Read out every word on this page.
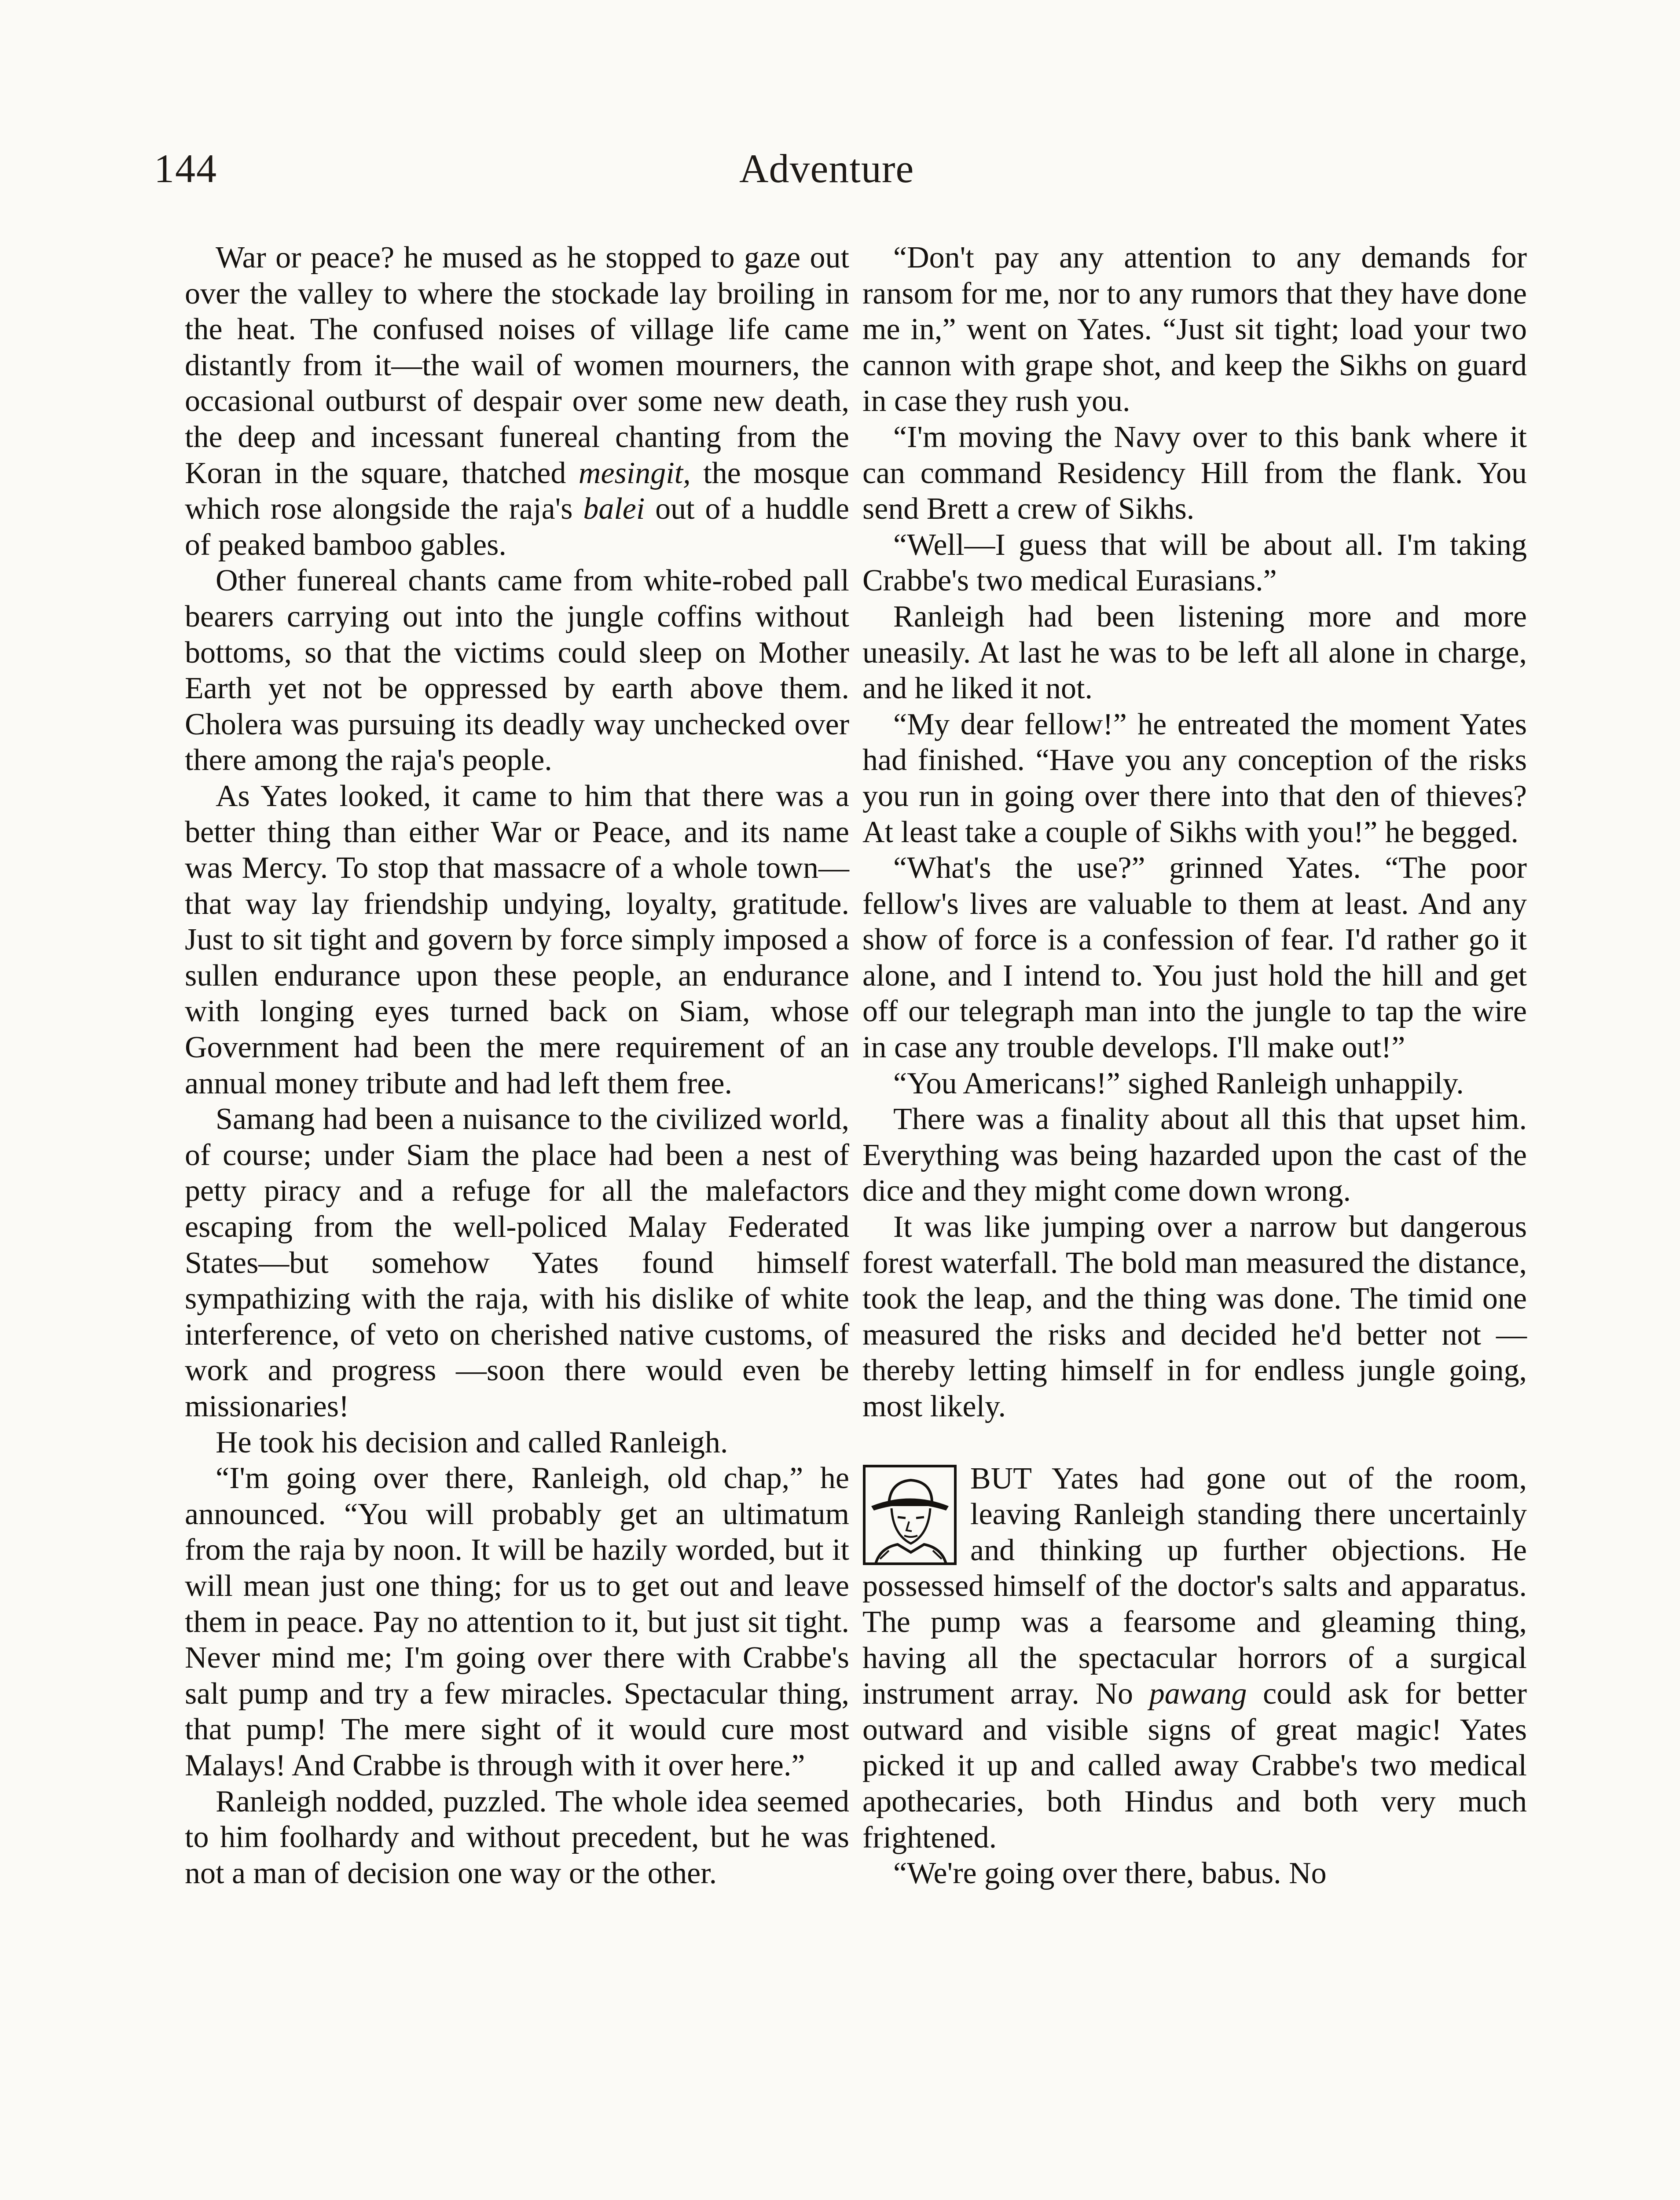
144	Adventure

War or peace? he mused as he stopped to gaze out over the valley to where the stockade lay broiling in the heat. The confused noises of village life came distantly from it—the wail of women mourners, the occasional outburst of despair over some new death, the deep and incessant funereal chanting from the Koran in the square, thatched mesingit, the mosque which rose alongside the raja's balei out of a huddle of peaked bamboo gables.

Other funereal chants came from white-robed pall bearers carrying out into the jungle coffins without bottoms, so that the victims could sleep on Mother Earth yet not be oppressed by earth above them. Cholera was pursuing its deadly way unchecked over there among the raja's people.

As Yates looked, it came to him that there was a better thing than either War or Peace, and its name was Mercy. To stop that massacre of a whole town—that way lay friendship undying, loyalty, gratitude. Just to sit tight and govern by force simply imposed a sullen endurance upon these people, an endurance with longing eyes turned back on Siam, whose Government had been the mere requirement of an annual money tribute and had left them free.

Samang had been a nuisance to the civilized world, of course; under Siam the place had been a nest of petty piracy and a refuge for all the malefactors escaping from the well-policed Malay Federated States—but somehow Yates found himself sympathizing with the raja, with his dislike of white interference, of veto on cherished native customs, of work and progress —soon there would even be missionaries!

He took his decision and called Ranleigh.

“I'm going over there, Ranleigh, old chap,” he announced. “You will probably get an ultimatum from the raja by noon. It will be hazily worded, but it will mean just one thing; for us to get out and leave them in peace. Pay no attention to it, but just sit tight. Never mind me; I'm going over there with Crabbe's salt pump and try a few miracles. Spectacular thing, that pump! The mere sight of it would cure most Malays! And Crabbe is through with it over here.”

Ranleigh nodded, puzzled. The whole idea seemed to him foolhardy and without precedent, but he was not a man of decision one way or the other.

“Don't pay any attention to any demands for ransom for me, nor to any rumors that they have done me in,” went on Yates. “Just sit tight; load your two cannon with grape shot, and keep the Sikhs on guard in case they rush you.

“I'm moving the Navy over to this bank where it can command Residency Hill from the flank. You send Brett a crew of Sikhs.

“Well—I guess that will be about all. I'm taking Crabbe's two medical Eurasians.”

Ranleigh had been listening more and more uneasily. At last he was to be left all alone in charge, and he liked it not.

“My dear fellow!” he entreated the moment Yates had finished. “Have you any conception of the risks you run in going over there into that den of thieves? At least take a couple of Sikhs with you!” he begged.

“What's the use?” grinned Yates. “The poor fellow's lives are valuable to them at least. And any show of force is a confession of fear. I'd rather go it alone, and I intend to. You just hold the hill and get off our telegraph man into the jungle to tap the wire in case any trouble develops. I'll make out!”

“You Americans!” sighed Ranleigh unhappily.

There was a finality about all this that upset him. Everything was being hazarded upon the cast of the dice and they might come down wrong.

It was like jumping over a narrow but dangerous forest waterfall. The bold man measured the distance, took the leap, and the thing was done. The timid one measured the risks and decided he'd better not —thereby letting himself in for endless jungle going, most likely.

BUT Yates had gone out of the room, leaving Ranleigh standing there uncertainly and thinking up further objections. He possessed himself of the doctor's salts and apparatus. The pump was a fearsome and gleaming thing, having all the spectacular horrors of a surgical instrument array. No pawang could ask for better outward and visible signs of great magic! Yates picked it up and called away Crabbe's two medical apothecaries, both Hindus and both very much frightened.

“We're going over there, babus. No
